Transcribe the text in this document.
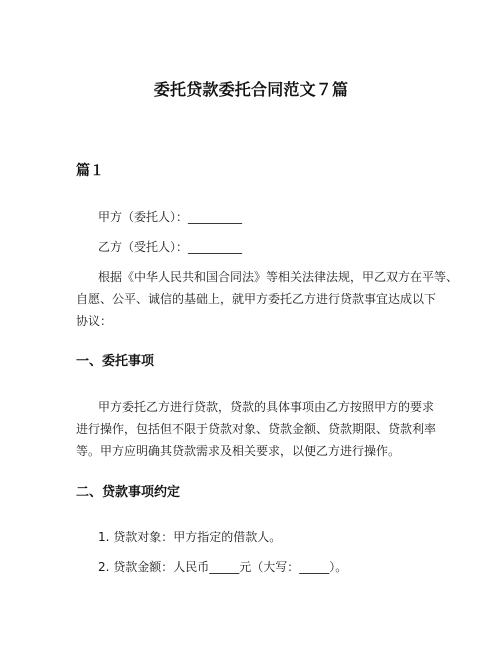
委托贷款委托合同范文７篇
篇１
甲方（委托人）：_________
乙方（受托人）：_________
根据《中华人民共和国合同法》等相关法律法规，甲乙双方在平等、
自愿、公平、诚信的基础上，就甲方委托乙方进行贷款事宜达成以下
协议：
一、委托事项
甲方委托乙方进行贷款，贷款的具体事项由乙方按照甲方的要求
进行操作，包括但不限于贷款对象、贷款金额、贷款期限、贷款利率
等。甲方应明确其贷款需求及相关要求，以便乙方进行操作。
二、贷款事项约定
1. 贷款对象：甲方指定的借款人。
2. 贷款金额：人民币_____元（大写：_____）。
